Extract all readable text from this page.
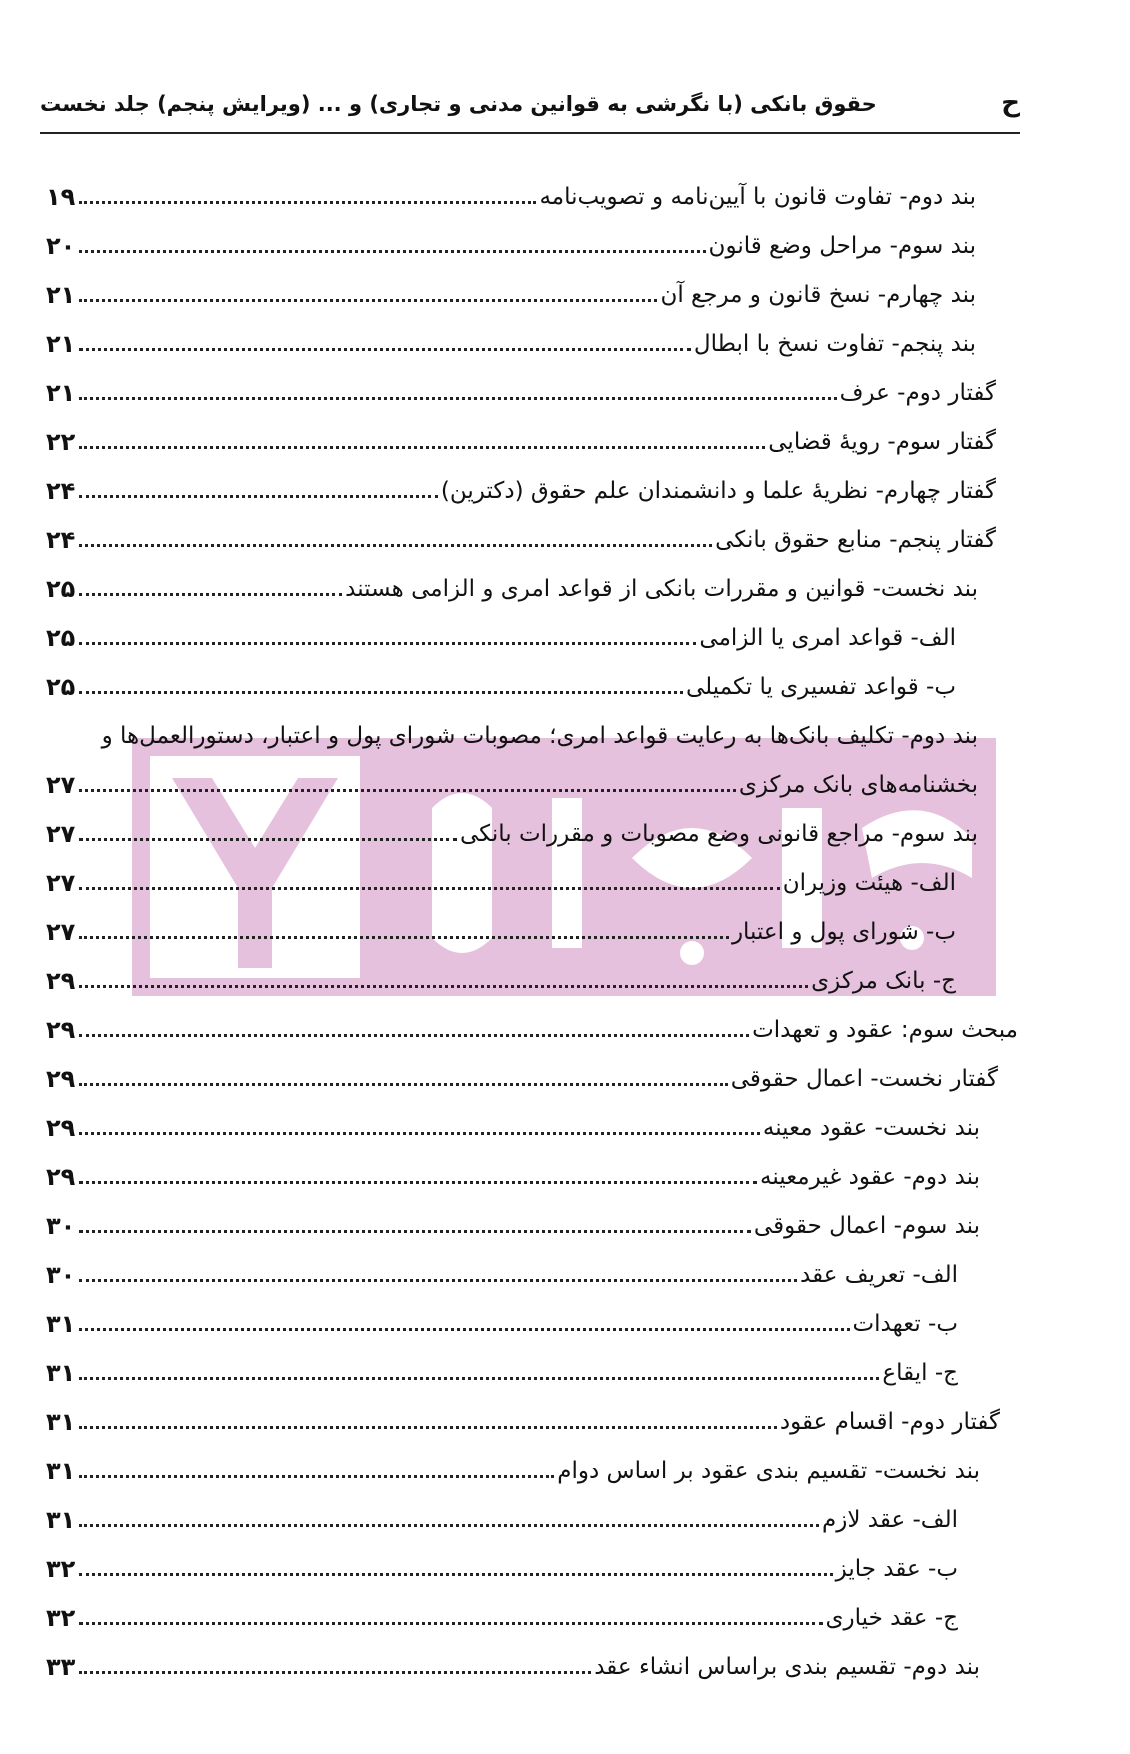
ح
حقوق بانکی (با نگرشی به قوانین مدنی و تجاری) و ... (ویرایش پنجم) جلد نخست
بند دوم- تفاوت قانون با آیین‌نامه و تصویب‌نامه
۱۹
بند سوم- مراحل وضع قانون
۲۰
بند چهارم- نسخ قانون و مرجع آن
۲۱
بند پنجم- تفاوت نسخ با ابطال
۲۱
گفتار دوم- عرف
۲۱
گفتار سوم- رویهٔ قضایی
۲۲
گفتار چهارم- نظریهٔ علما و دانشمندان علم حقوق (دکترین)
۲۴
گفتار پنجم- منابع حقوق بانکی
۲۴
بند نخست- قوانین و مقررات بانکی از قواعد امری و الزامی هستند
۲۵
الف- قواعد امری یا الزامی
۲۵
ب- قواعد تفسیری یا تکمیلی
۲۵
بند دوم- تکلیف بانک‌ها به رعایت قواعد امری؛ مصوبات شورای پول و اعتبار، دستورالعمل‌ها و
بخشنامه‌های بانک مرکزی
۲۷
بند سوم- مراجع قانونی وضع مصوبات و مقررات بانکی
۲۷
الف- هیئت وزیران
۲۷
ب- شورای پول و اعتبار
۲۷
ج- بانک مرکزی
۲۹
مبحث سوم: عقود و تعهدات
۲۹
گفتار نخست- اعمال حقوقی
۲۹
بند نخست- عقود معینه
۲۹
بند دوم- عقود غیرمعینه
۲۹
بند سوم- اعمال حقوقی
۳۰
الف- تعریف عقد
۳۰
ب- تعهدات
۳۱
ج- ایقاع
۳۱
گفتار دوم- اقسام عقود
۳۱
بند نخست- تقسیم بندی عقود بر اساس دوام
۳۱
الف- عقد لازم
۳۱
ب- عقد جایز
۳۲
ج- عقد خیاری
۳۲
بند دوم- تقسیم بندی براساس انشاء عقد
۳۳
